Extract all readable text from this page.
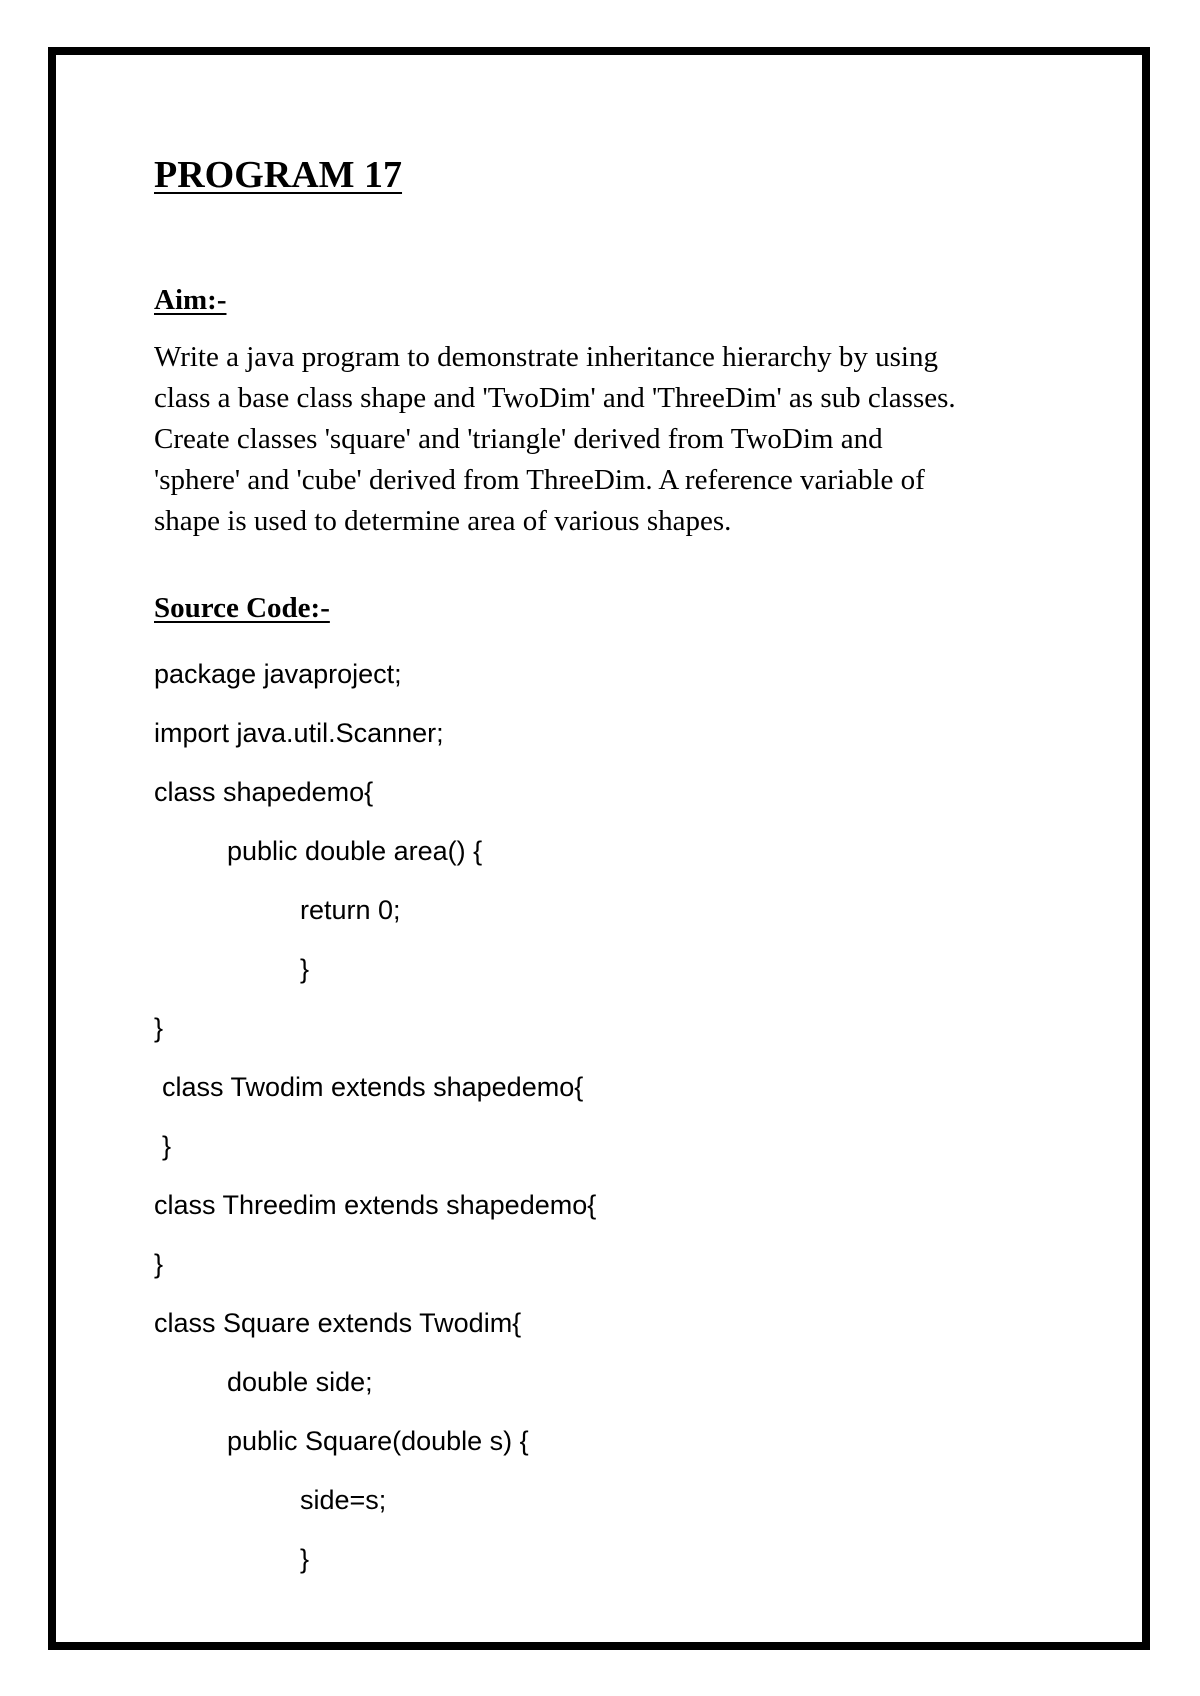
PROGRAM 17
Aim:-

Write a java program to demonstrate inheritance hierarchy by using
class a base class shape and 'TwoDim' and 'ThreeDim' as sub classes.
Create classes 'square' and 'triangle' derived from TwoDim and
'sphere' and 'cube' derived from ThreeDim. A reference variable of
shape is used to determine area of various shapes.

Source Code:-
package javaproject;
import java.util.Scanner;
class shapedemo{
public double area() {
return 0;
}
}
class Twodim extends shapedemo{
}
class Threedim extends shapedemo{
}
class Square extends Twodim{
double side;
public Square(double s) {
side=s;
}
